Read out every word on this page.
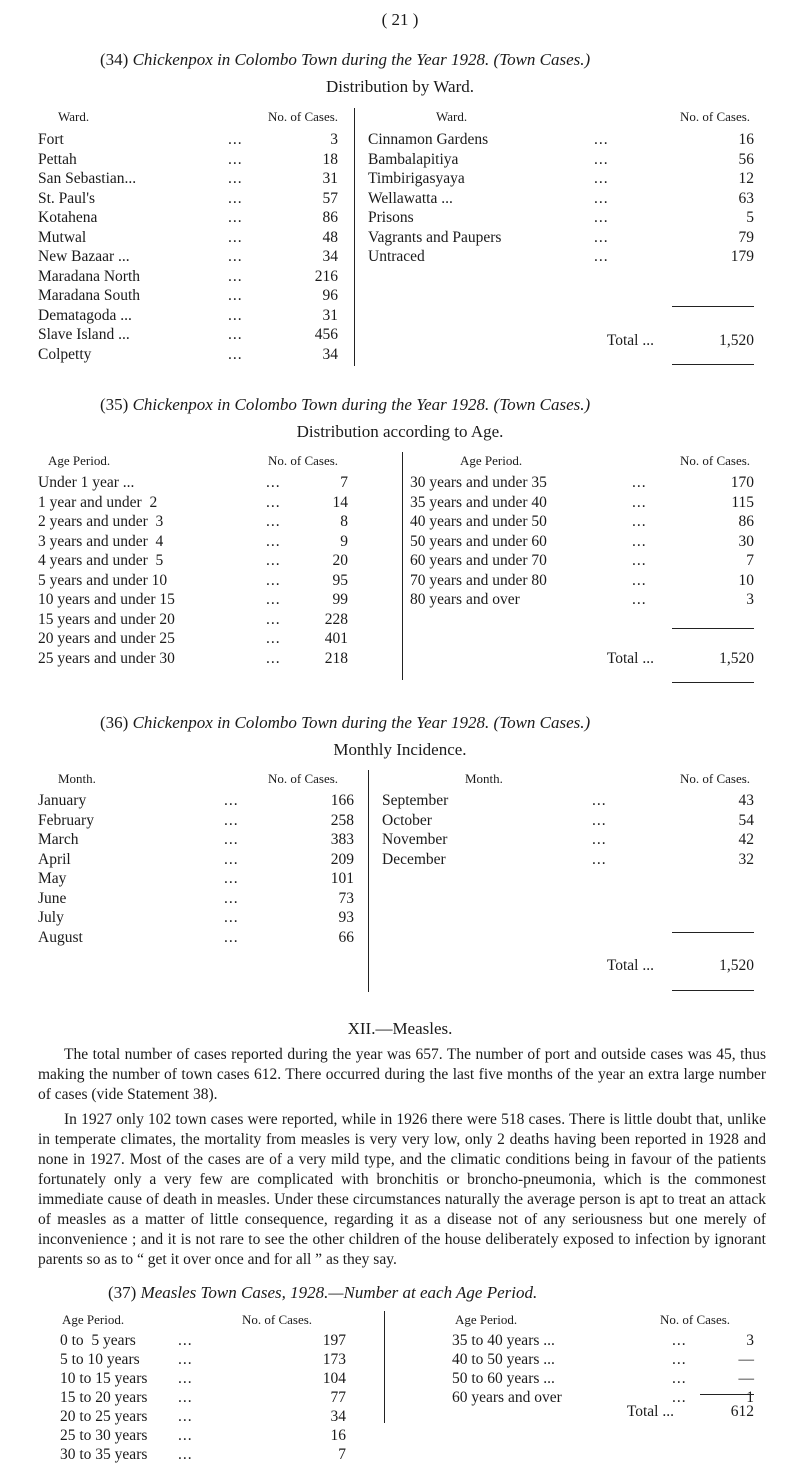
( 21 )
(34) Chickenpox in Colombo Town during the Year 1928. (Town Cases.)
Distribution by Ward.
Ward.	No. of Cases.	Ward.	No. of Cases.
Fort	...	3
Pettah	...	18
San Sebastian...	...	31
St. Paul's	...	57
Kotahena	...	86
Mutwal	...	48
New Bazaar ...	...	34
Maradana North	...	216
Maradana South	...	96
Dematagoda ...	...	31
Slave Island ...	...	456
Colpetty	...	34
Cinnamon Gardens	...	16
Bambalapitiya	...	56
Timbirigasyaya	...	12
Wellawatta ...	...	63
Prisons	...	5
Vagrants and Paupers	...	79
Untraced	...	179
Total ...	1,520
(35) Chickenpox in Colombo Town during the Year 1928. (Town Cases.)
Distribution according to Age.
Age Period.	No. of Cases.	Age Period.	No. of Cases.
Under 1 year ...	...	7
1 year and under  2	...	14
2 years and under  3	...	8
3 years and under  4	...	9
4 years and under  5	...	20
5 years and under 10	...	95
10 years and under 15	...	99
15 years and under 20	...	228
20 years and under 25	...	401
25 years and under 30	...	218
30 years and under 35	...	170
35 years and under 40	...	115
40 years and under 50	...	86
50 years and under 60	...	30
60 years and under 70	...	7
70 years and under 80	...	10
80 years and over	...	3
Total ...	1,520
(36) Chickenpox in Colombo Town during the Year 1928. (Town Cases.)
Monthly Incidence.
Month.	No. of Cases.	Month.	No. of Cases.
January	...	166
February	...	258
March	...	383
April	...	209
May	...	101
June	...	73
July	...	93
August	...	66
September	...	43
October	...	54
November	...	42
December	...	32
Total ...	1,520
XII.—Measles.
The total number of cases reported during the year was 657. The number of port and outside cases was 45, thus making the number of town cases 612. There occurred during the last five months of the year an extra large number of cases (vide Statement 38).
In 1927 only 102 town cases were reported, while in 1926 there were 518 cases. There is little doubt that, unlike in temperate climates, the mortality from measles is very very low, only 2 deaths having been reported in 1928 and none in 1927. Most of the cases are of a very mild type, and the climatic conditions being in favour of the patients fortunately only a very few are complicated with bronchitis or broncho-pneumonia, which is the commonest immediate cause of death in measles. Under these circumstances naturally the average person is apt to treat an attack of measles as a matter of little consequence, regarding it as a disease not of any seriousness but one merely of inconvenience ; and it is not rare to see the other children of the house deliberately exposed to infection by ignorant parents so as to “ get it over once and for all ” as they say.
(37) Measles Town Cases, 1928.—Number at each Age Period.
Age Period.	No. of Cases.	Age Period.	No. of Cases.
0 to  5 years	...	197
5 to 10 years ...	173
10 to 15 years ...	104
15 to 20 years ...	77
20 to 25 years ...	34
25 to 30 years ...	16
30 to 35 years ...	7
35 to 40 years ...	...	3
40 to 50 years ...	...	—
50 to 60 years ...	...	—
60 years and over	...	1
Total ...	612
